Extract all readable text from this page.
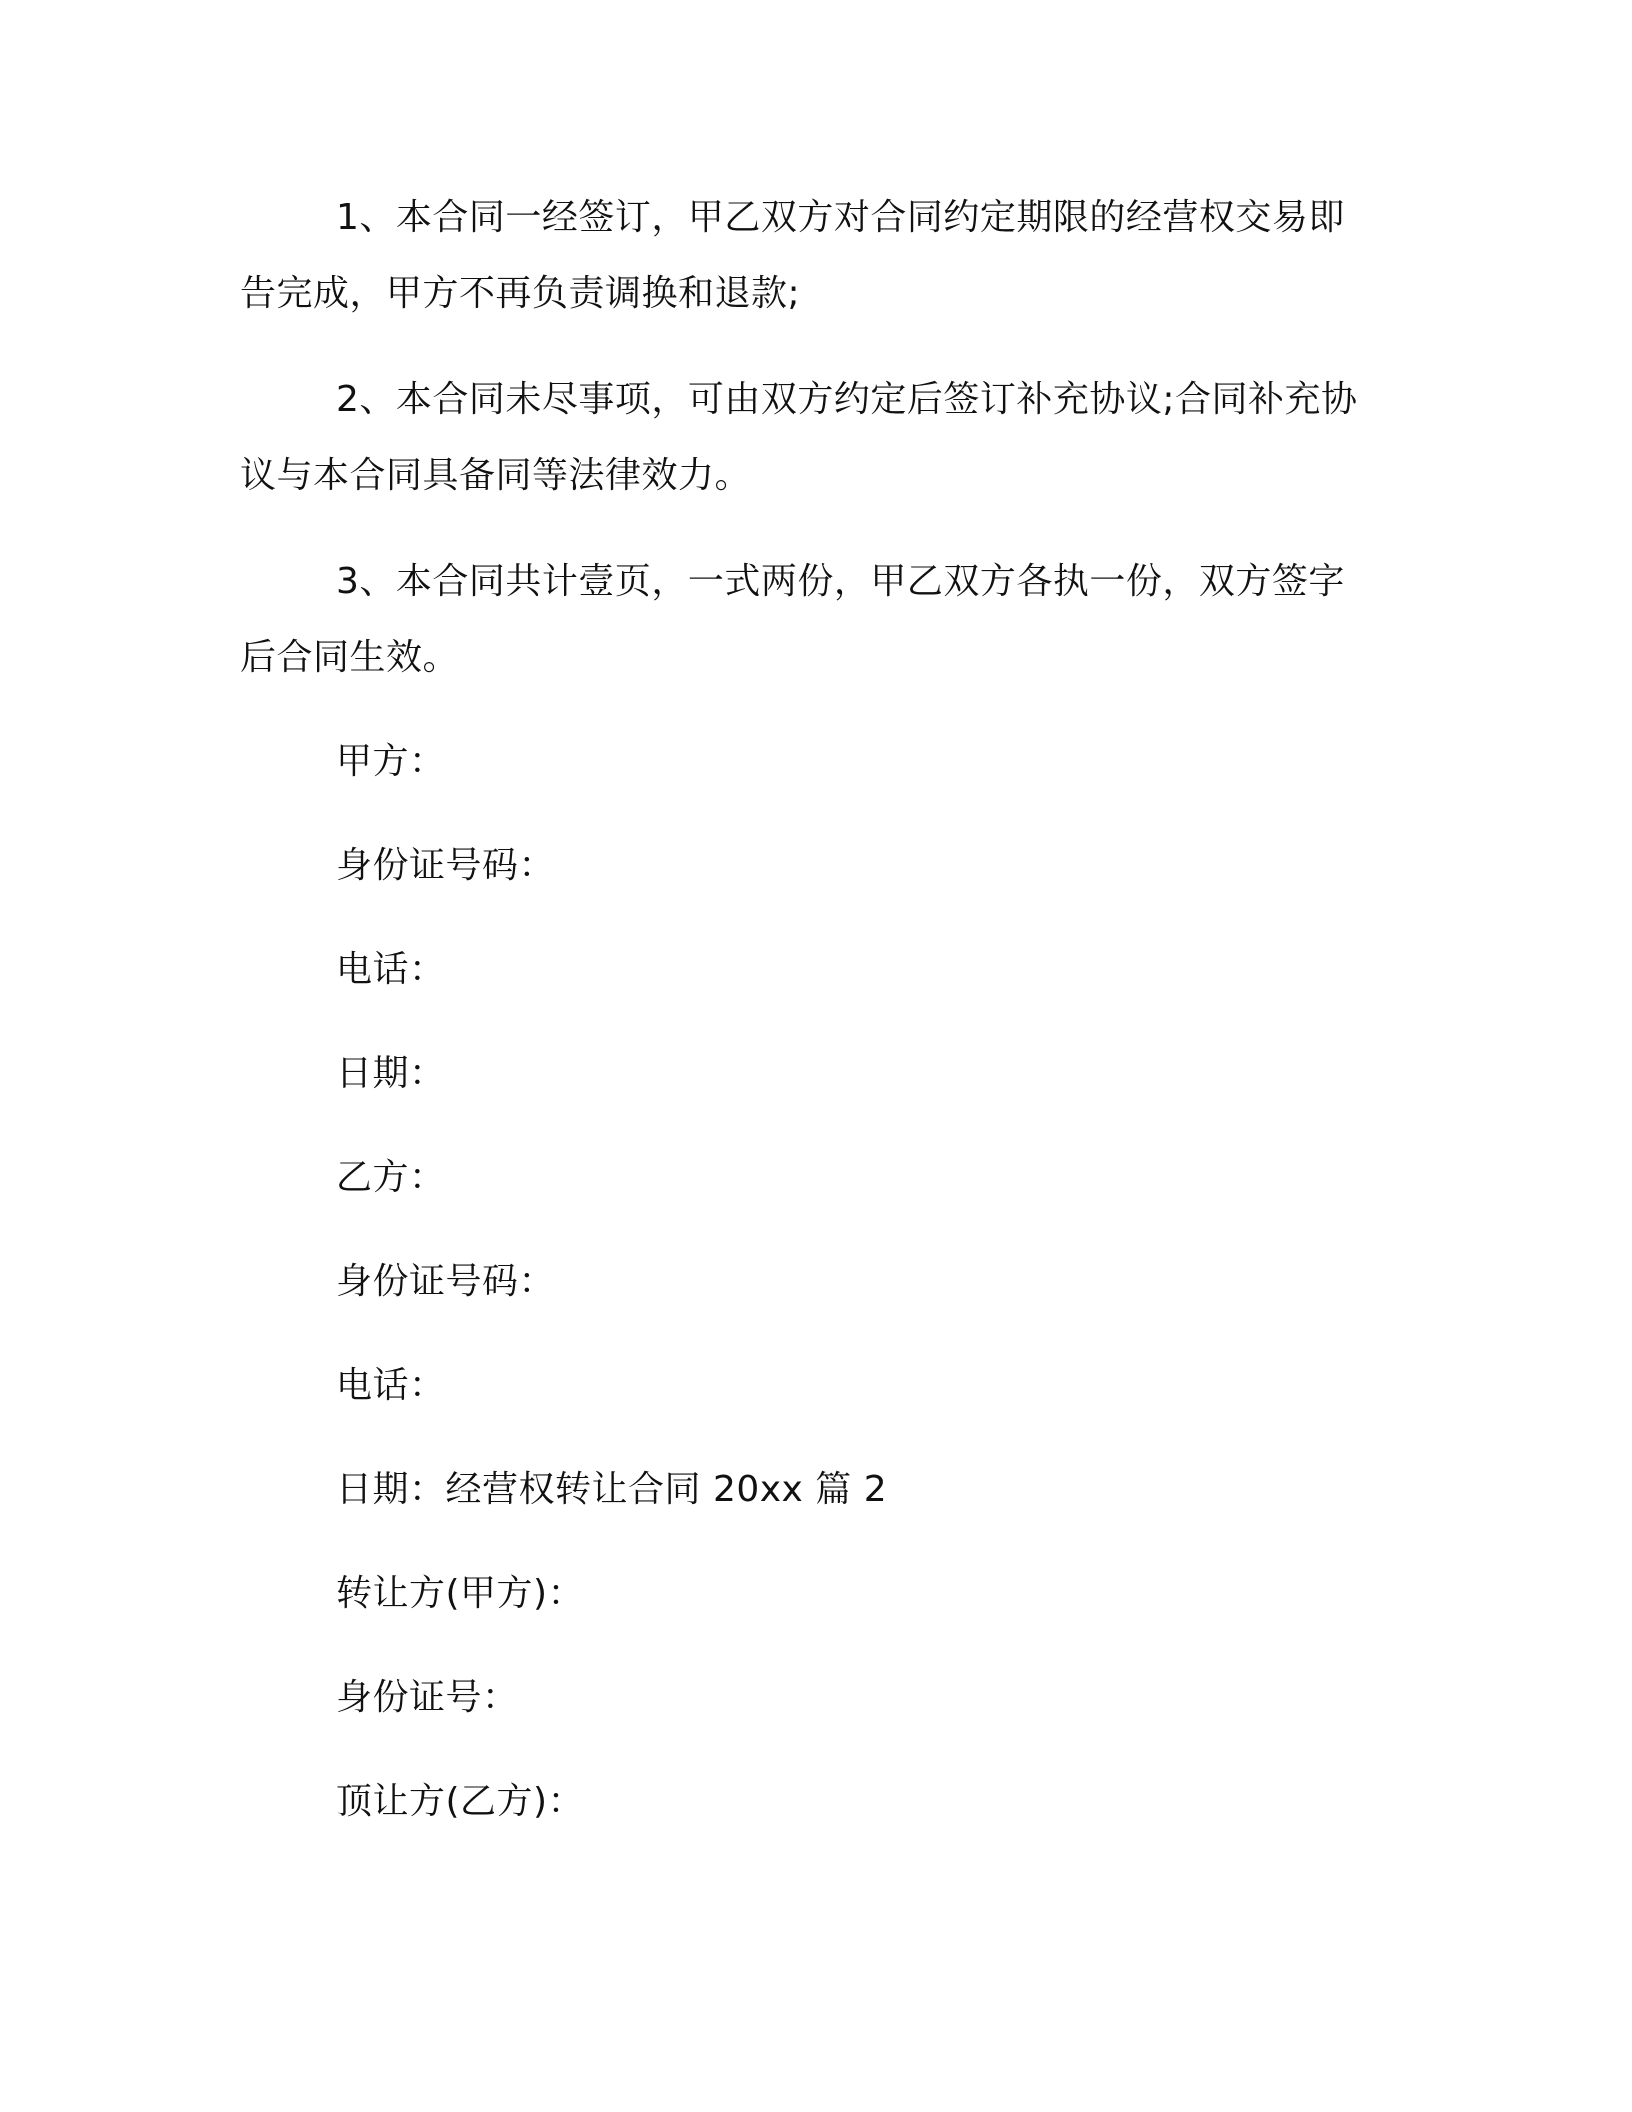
1、本合同一经签订，甲乙双方对合同约定期限的经营权交易即告完成，甲方不再负责调换和退款;

2、本合同未尽事项，可由双方约定后签订补充协议;合同补充协议与本合同具备同等法律效力。

3、本合同共计壹页，一式两份，甲乙双方各执一份，双方签字后合同生效。

甲方：

身份证号码：

电话：

日期：

乙方：

身份证号码：

电话：

日期：经营权转让合同 20xx 篇 2

转让方(甲方)：

身份证号：

顶让方(乙方)：
